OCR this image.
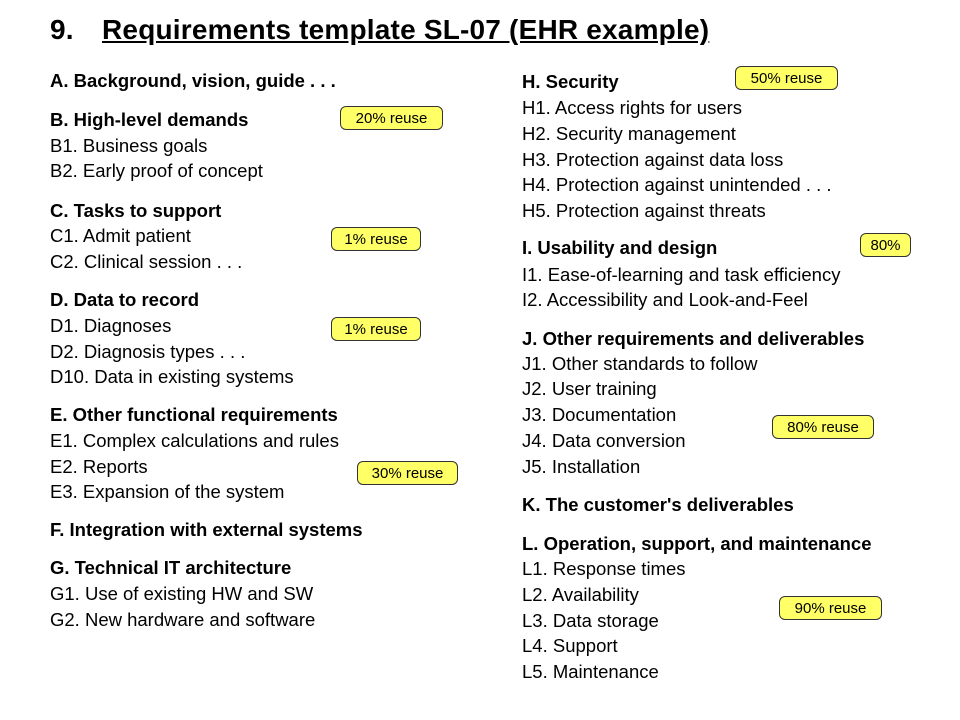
9. Requirements template SL-07 (EHR example)
A. Background, vision, guide . . .
B. High-level demands
B1. Business goals
B2. Early proof of concept
C. Tasks to support
C1. Admit patient
C2. Clinical session . . .
D. Data to record
D1. Diagnoses
D2. Diagnosis types . . .
D10. Data in existing systems
E. Other functional requirements
E1. Complex calculations and rules
E2. Reports
E3. Expansion of the system
F. Integration with external systems
G. Technical IT architecture
G1. Use of existing HW and SW
G2. New hardware and software
H. Security
H1. Access rights for users
H2. Security management
H3. Protection against data loss
H4. Protection against unintended . . .
H5. Protection against threats
I. Usability and design
I1. Ease-of-learning and task efficiency
I2. Accessibility and Look-and-Feel
J. Other requirements and deliverables
J1. Other standards to follow
J2. User training
J3. Documentation
J4. Data conversion
J5. Installation
K. The customer's deliverables
L. Operation, support, and maintenance
L1. Response times
L2. Availability
L3. Data storage
L4. Support
L5. Maintenance
20% reuse
1% reuse
1% reuse
30% reuse
50% reuse
80%
80% reuse
90% reuse
